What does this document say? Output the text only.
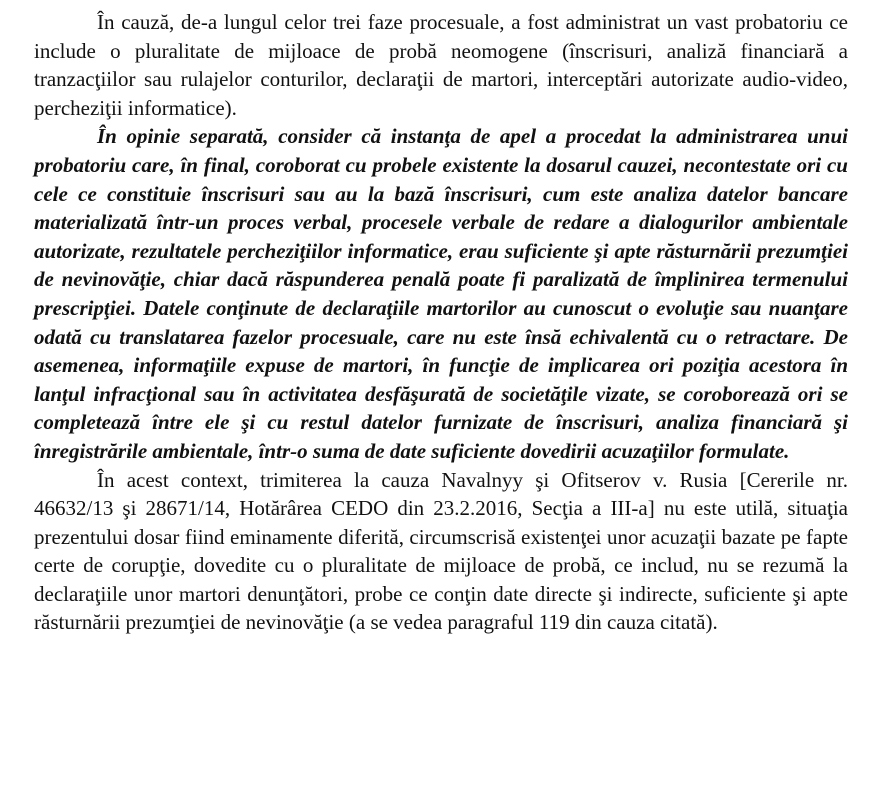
În cauză, de-a lungul celor trei faze procesuale, a fost administrat un vast probatoriu ce include o pluralitate de mijloace de probă neomogene (înscrisuri, analiză financiară a tranzacţiilor sau rulajelor conturilor, declaraţii de martori, interceptări autorizate audio-video, percheziţii informatice).

În opinie separată, consider că instanţa de apel a procedat la administrarea unui probatoriu care, în final, coroborat cu probele existente la dosarul cauzei, necontestate ori cu cele ce constituie înscrisuri sau au la bază înscrisuri, cum este analiza datelor bancare materializată într-un proces verbal, procesele verbale de redare a dialogurilor ambientale autorizate, rezultatele percheziţiilor informatice, erau suficiente şi apte răsturnării prezumţiei de nevinovăţie, chiar dacă răspunderea penală poate fi paralizată de împlinirea termenului prescripţiei. Datele conţinute de declaraţiile martorilor au cunoscut o evoluţie sau nuanţare odată cu translatarea fazelor procesuale, care nu este însă echivalentă cu o retractare. De asemenea, informaţiile expuse de martori, în funcţie de implicarea ori poziţia acestora în lanţul infracţional sau în activitatea desfăşurată de societăţile vizate, se coroborează ori se completează între ele şi cu restul datelor furnizate de înscrisuri, analiza financiară şi înregistrările ambientale, într-o suma de date suficiente dovedirii acuzaţiilor formulate.

În acest context, trimiterea la cauza Navalnyy şi Ofitserov v. Rusia [Cererile nr. 46632/13 şi 28671/14, Hotărârea CEDO din 23.2.2016, Secţia a III-a] nu este utilă, situaţia prezentului dosar fiind eminamente diferită, circumscrisă existenţei unor acuzaţii bazate pe fapte certe de corupţie, dovedite cu o pluralitate de mijloace de probă, ce includ, nu se rezumă la declaraţiile unor martori denunţători, probe ce conţin date directe şi indirecte, suficiente şi apte răsturnării prezumţiei de nevinovăţie (a se vedea paragraful 119 din cauza citată).
